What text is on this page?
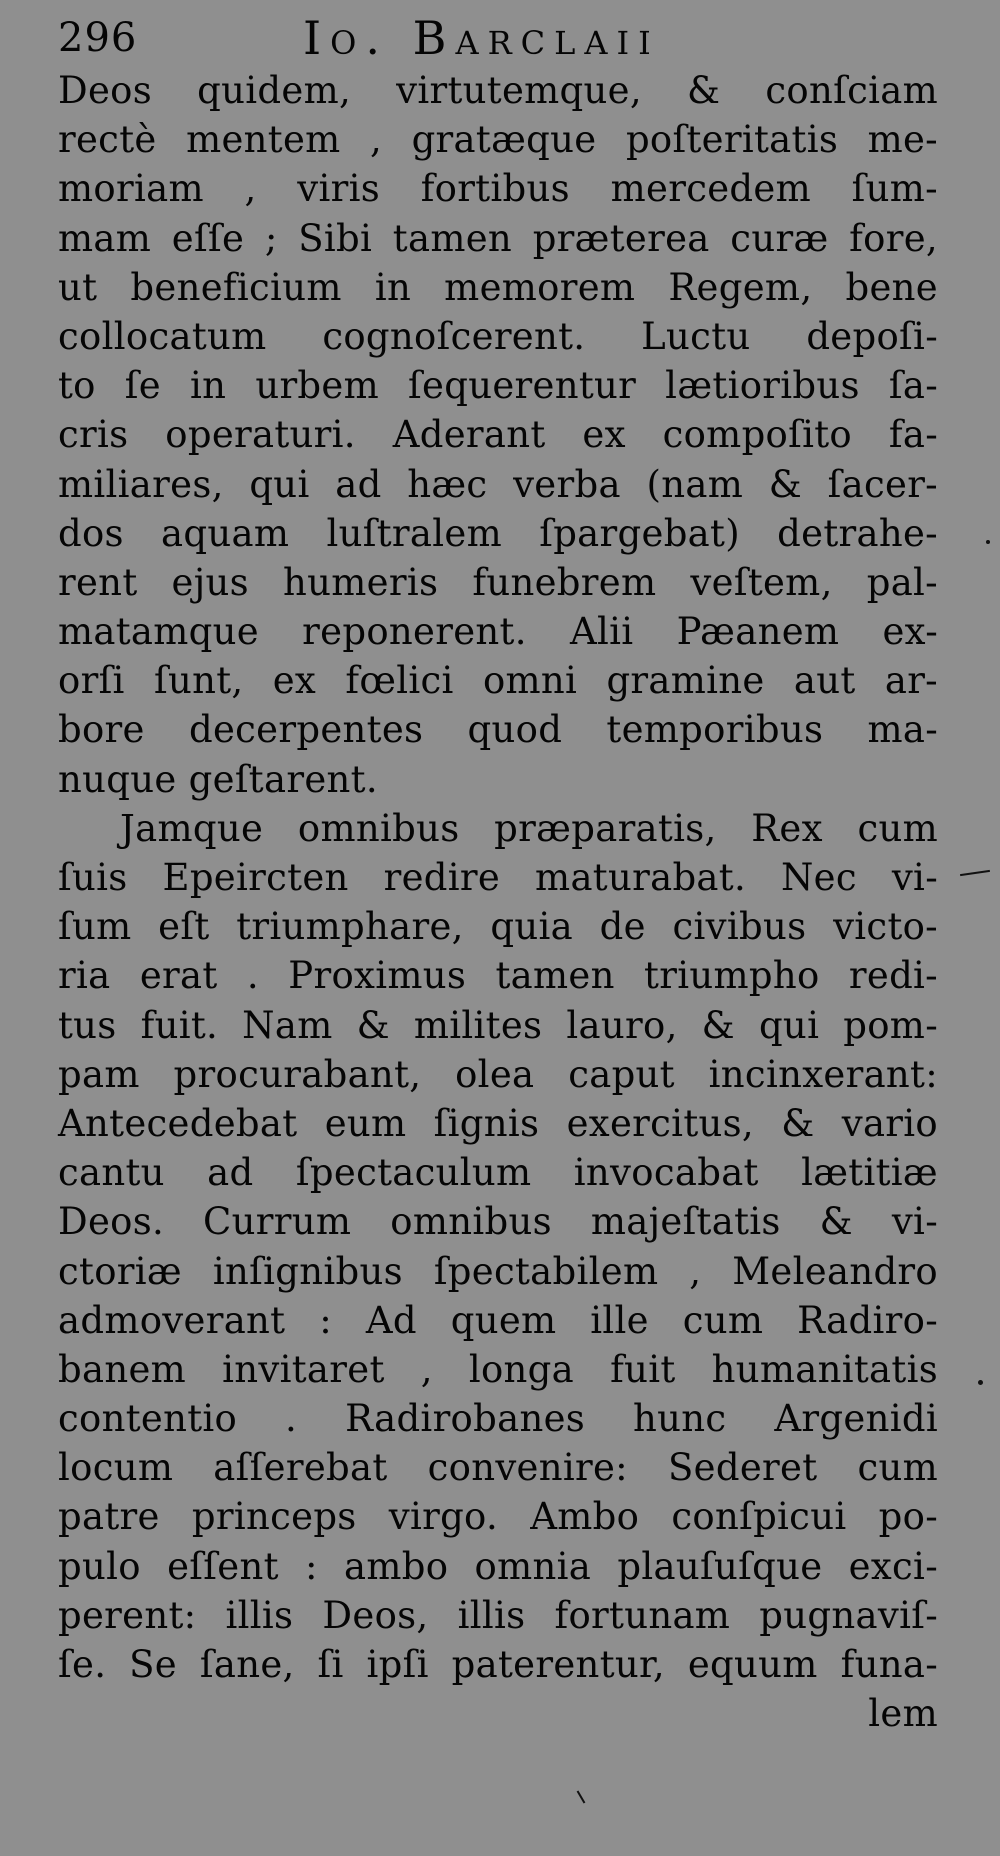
296	Io. Barclaii
Deos quidem, virtutemque, & conſciam
rectè mentem , gratæque poſteritatis me-
moriam , viris fortibus mercedem ſum-
mam eſſe ; Sibi tamen præterea curæ fore,
ut beneficium in memorem Regem, bene
collocatum cognoſcerent. Luctu depoſi-
to ſe in urbem ſequerentur lætioribus ſa-
cris operaturi. Aderant ex compoſito fa-
miliares, qui ad hæc verba (nam & ſacer-
dos aquam luſtralem ſpargebat) detrahe-
rent ejus humeris funebrem veſtem, pal-
matamque reponerent. Alii Pæanem ex-
orſi ſunt, ex fœlici omni gramine aut ar-
bore decerpentes quod temporibus ma-
nuque geſtarent.
Jamque omnibus præparatis, Rex cum
ſuis Epeircten redire maturabat. Nec vi-
ſum eſt triumphare, quia de civibus victo-
ria erat . Proximus tamen triumpho redi-
tus fuit. Nam & milites lauro, & qui pom-
pam procurabant, olea caput incinxerant:
Antecedebat eum ſignis exercitus, & vario
cantu ad ſpectaculum invocabat lætitiæ
Deos. Currum omnibus majeſtatis & vi-
ctoriæ inſignibus ſpectabilem , Meleandro
admoverant : Ad quem ille cum Radiro-
banem invitaret , longa fuit humanitatis
contentio . Radirobanes hunc Argenidi
locum aſſerebat convenire: Sederet cum
patre princeps virgo. Ambo conſpicui po-
pulo eſſent : ambo omnia plauſuſque exci-
perent: illis Deos, illis fortunam pugnaviſ-
ſe. Se ſane, ſi ipſi paterentur, equum funa-
lem
